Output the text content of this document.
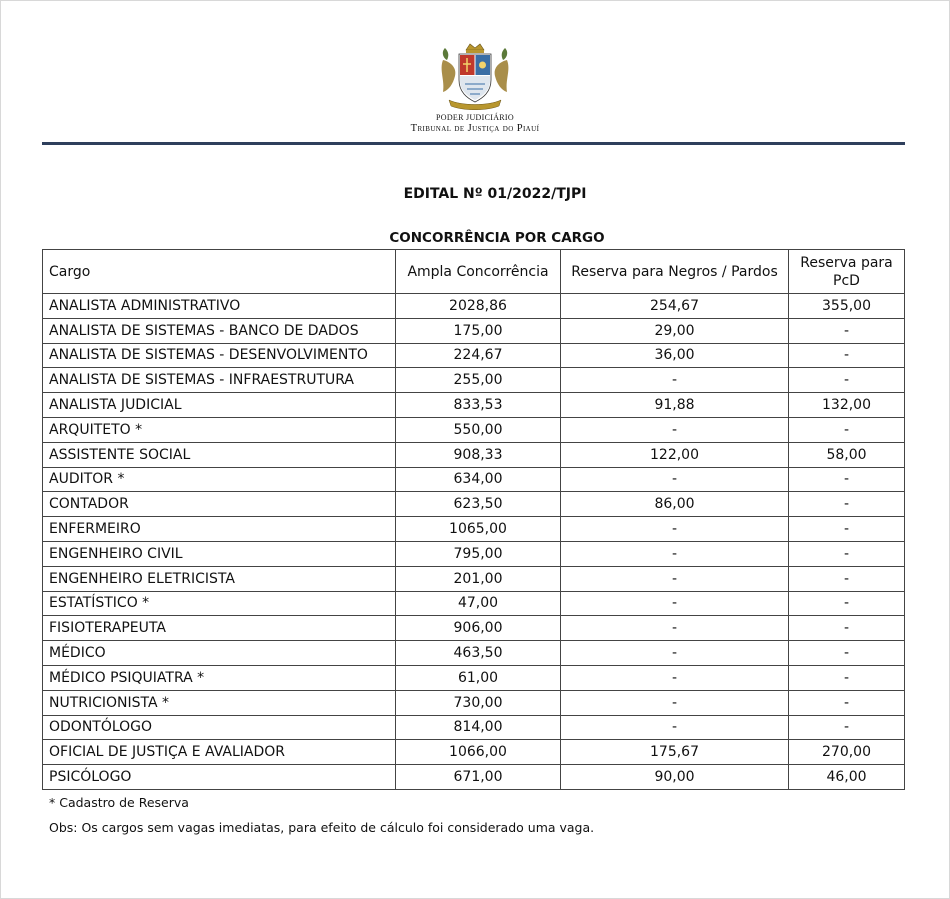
PODER JUDICIÁRIO
Tribunal de Justiça do Piauí
EDITAL Nº 01/2022/TJPI
CONCORRÊNCIA POR CARGO
Cargo	Ampla Concorrência	Reserva para Negros / Pardos	Reserva para PcD
ANALISTA ADMINISTRATIVO	2028,86	254,67	355,00
ANALISTA DE SISTEMAS - BANCO DE DADOS	175,00	29,00	-
ANALISTA DE SISTEMAS - DESENVOLVIMENTO	224,67	36,00	-
ANALISTA DE SISTEMAS - INFRAESTRUTURA	255,00	-	-
ANALISTA JUDICIAL	833,53	91,88	132,00
ARQUITETO *	550,00	-	-
ASSISTENTE SOCIAL	908,33	122,00	58,00
AUDITOR *	634,00	-	-
CONTADOR	623,50	86,00	-
ENFERMEIRO	1065,00	-	-
ENGENHEIRO CIVIL	795,00	-	-
ENGENHEIRO ELETRICISTA	201,00	-	-
ESTATÍSTICO *	47,00	-	-
FISIOTERAPEUTA	906,00	-	-
MÉDICO	463,50	-	-
MÉDICO PSIQUIATRA *	61,00	-	-
NUTRICIONISTA *	730,00	-	-
ODONTÓLOGO	814,00	-	-
OFICIAL DE JUSTIÇA E AVALIADOR	1066,00	175,67	270,00
PSICÓLOGO	671,00	90,00	46,00
* Cadastro de Reserva
Obs: Os cargos sem vagas imediatas, para efeito de cálculo foi considerado uma vaga.
